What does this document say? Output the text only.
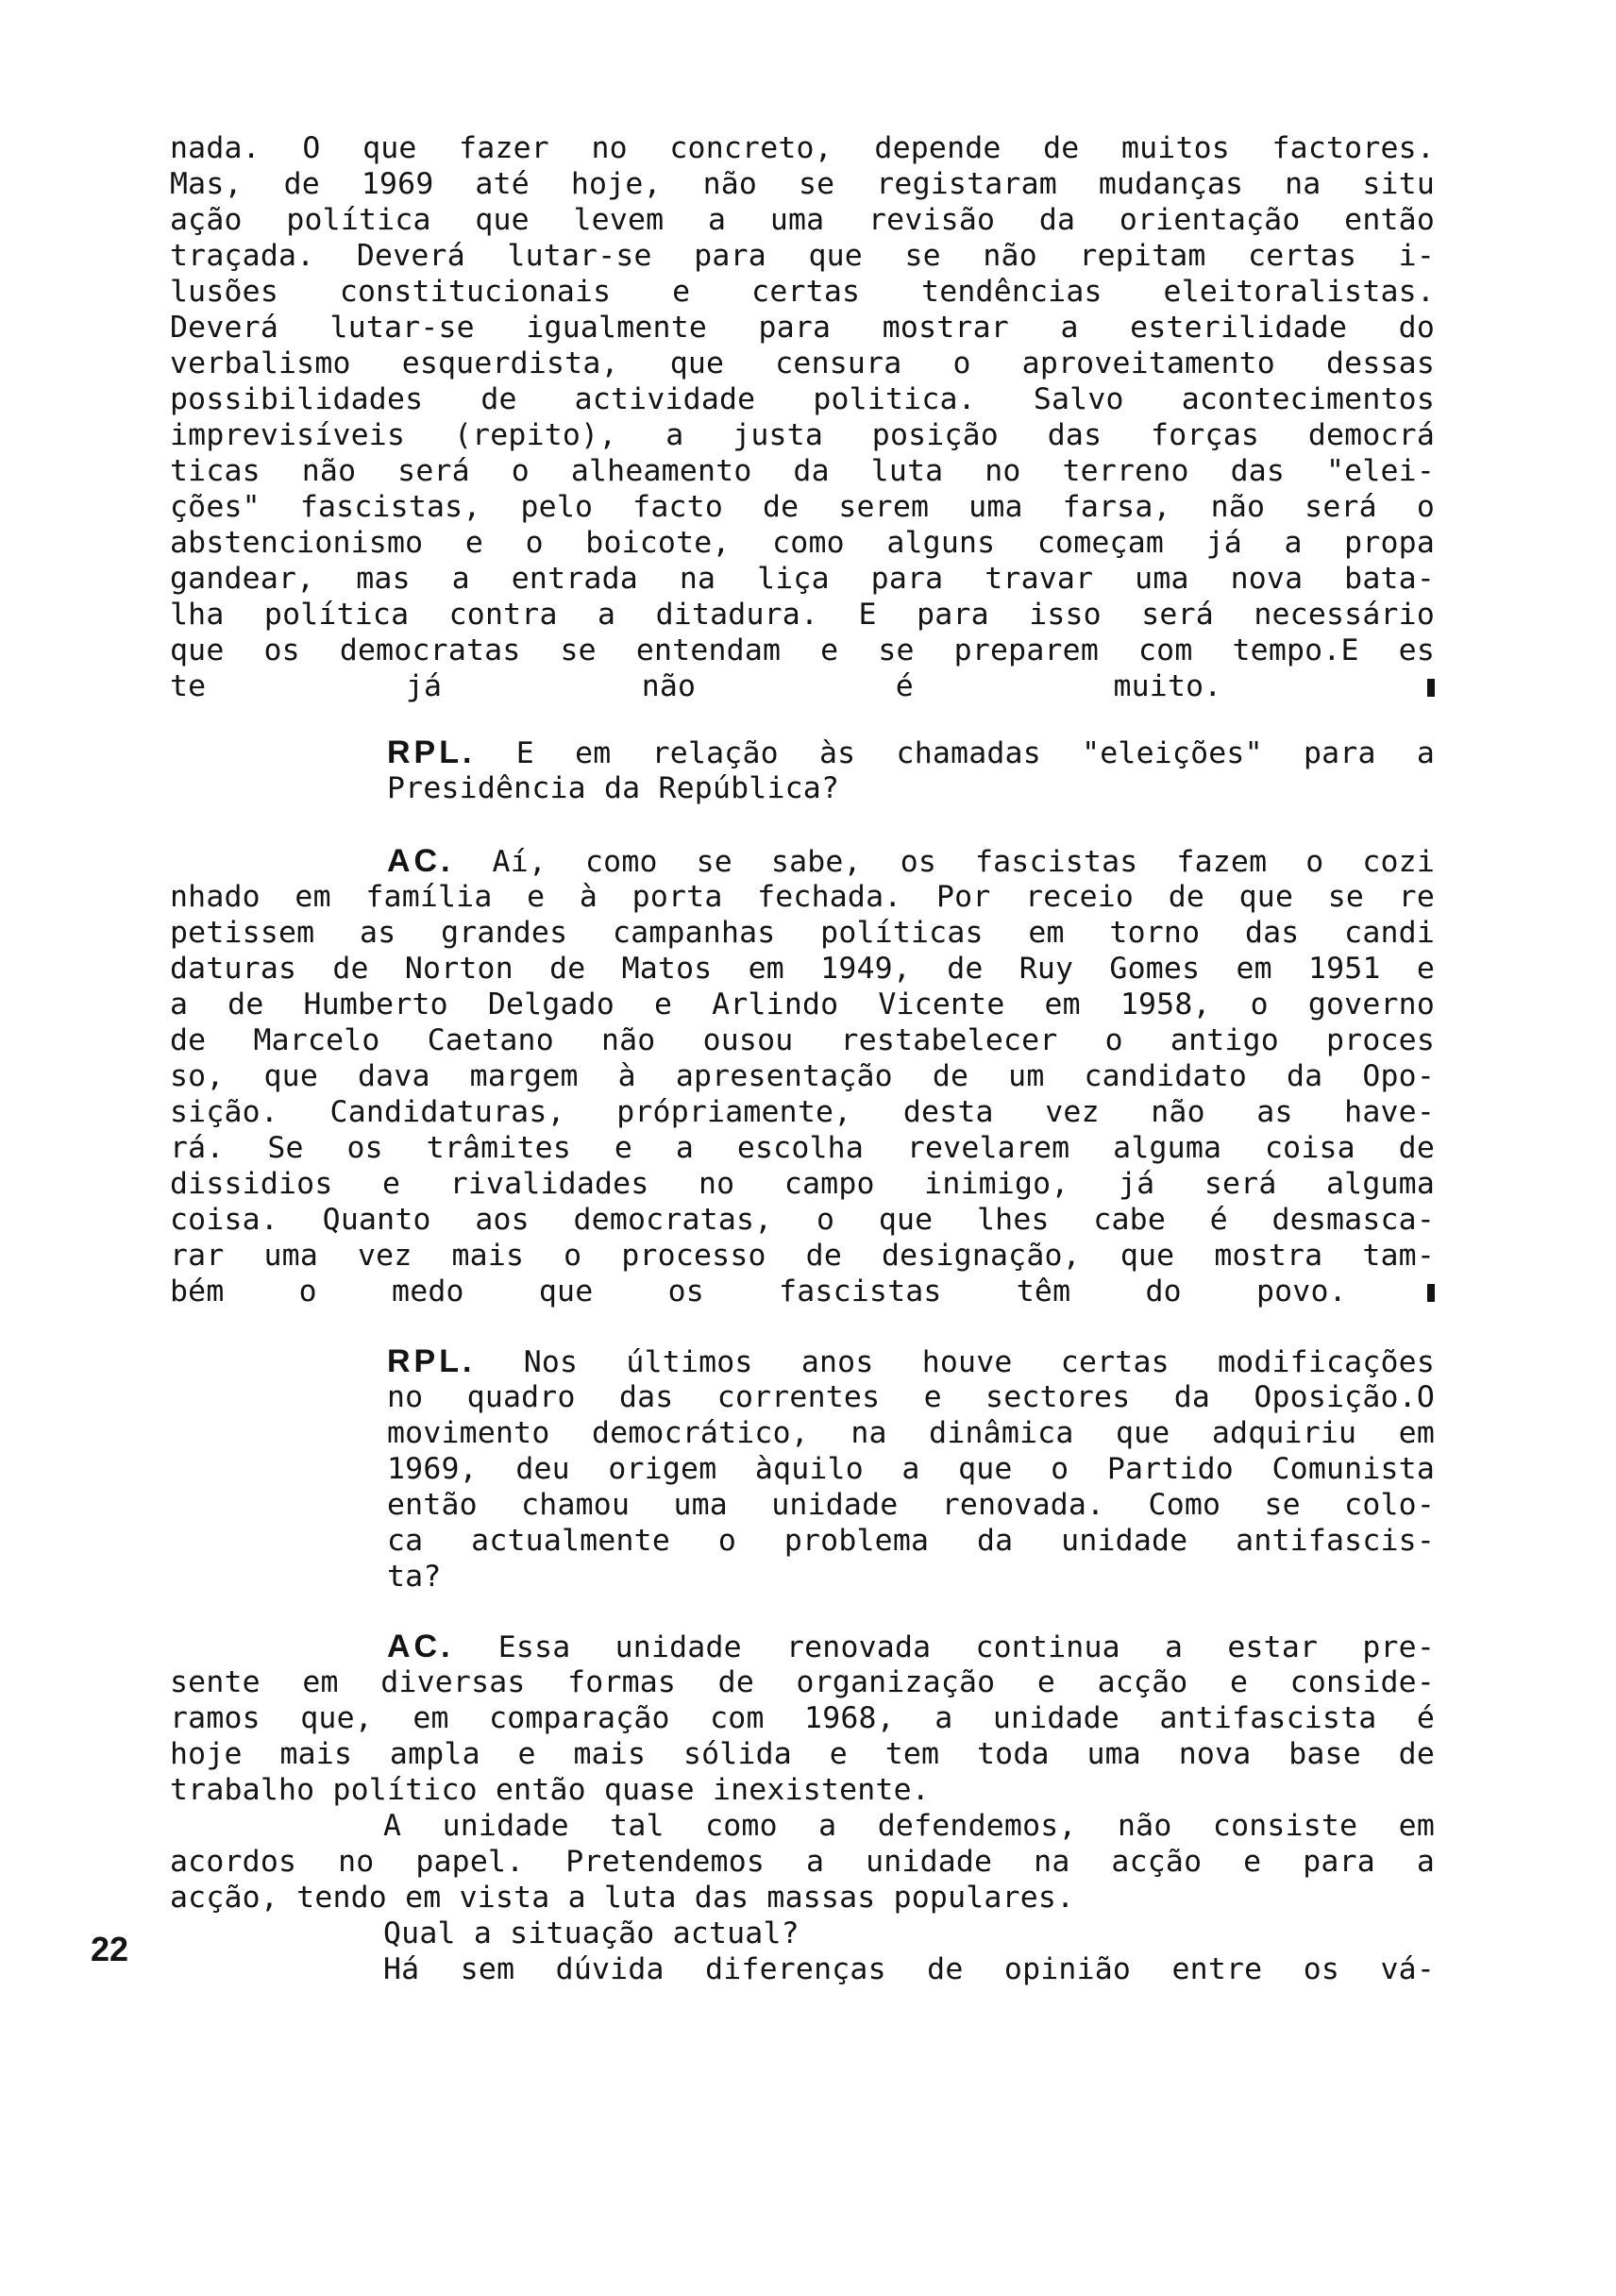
nada. O que fazer no concreto, depende de muitos factores.
Mas, de 1969 até hoje, não se registaram mudanças na situ
ação política que levem a uma revisão da orientação então
traçada. Deverá lutar-se para que se não repitam certas i-
lusões constitucionais e certas tendências eleitoralistas.
Deverá lutar-se igualmente para mostrar a esterilidade do
verbalismo esquerdista, que censura o aproveitamento dessas
possibilidades de actividade politica. Salvo acontecimentos
imprevisíveis (repito), a justa posição das forças democrá
ticas não será o alheamento da luta no terreno das "elei-
ções" fascistas, pelo facto de serem uma farsa, não será o
abstencionismo e o boicote, como alguns começam já a propa
gandear, mas a entrada na liça para travar uma nova bata-
lha política contra a ditadura. E para isso será necessário
que os democratas se entendam e se preparem com tempo.E es
te já não é muito.
RPL. E em relação às chamadas "eleições" para a
Presidência da República?
AC. Aí, como se sabe, os fascistas fazem o cozi
nhado em família e à porta fechada. Por receio de que se re
petissem as grandes campanhas políticas em torno das candi
daturas de Norton de Matos em 1949, de Ruy Gomes em 1951 e
a de Humberto Delgado e Arlindo Vicente em 1958, o governo
de Marcelo Caetano não ousou restabelecer o antigo proces
so, que dava margem à apresentação de um candidato da Opo-
sição. Candidaturas, própriamente, desta vez não as have-
rá. Se os trâmites e a escolha revelarem alguma coisa de
dissidios e rivalidades no campo inimigo, já será alguma
coisa. Quanto aos democratas, o que lhes cabe é desmasca-
rar uma vez mais o processo de designação, que mostra tam-
bém o medo que os fascistas têm do povo.
RPL. Nos últimos anos houve certas modificações
no quadro das correntes e sectores da Oposição.O
movimento democrático, na dinâmica que adquiriu em
1969, deu origem àquilo a que o Partido Comunista
então chamou uma unidade renovada. Como se colo-
ca actualmente o problema da unidade antifascis-
ta?
AC. Essa unidade renovada continua a estar pre-
sente em diversas formas de organização e acção e conside-
ramos que, em comparação com 1968, a unidade antifascista é
hoje mais ampla e mais sólida e tem toda uma nova base de
trabalho político então quase inexistente.
A unidade tal como a defendemos, não consiste em
acordos no papel. Pretendemos a unidade na acção e para a
acção, tendo em vista a luta das massas populares.
Qual a situação actual?
Há sem dúvida diferenças de opinião entre os vá-
22
